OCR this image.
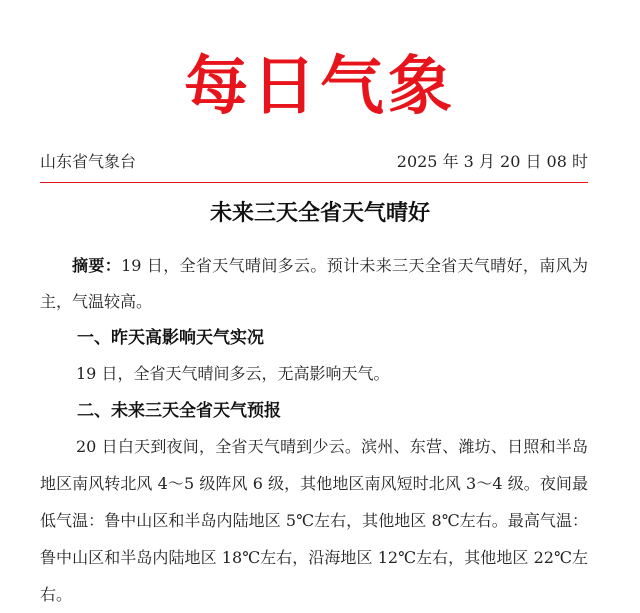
每日气象
山东省气象台	2025 年 3 月 20 日 08 时
未来三天全省天气晴好

摘要：19 日，全省天气晴间多云。预计未来三天全省天气晴好，南风为主，气温较高。

一、昨天高影响天气实况

19 日，全省天气晴间多云，无高影响天气。

二、未来三天全省天气预报

20 日白天到夜间，全省天气晴到少云。滨州、东营、潍坊、日照和半岛地区南风转北风 4～5 级阵风 6 级，其他地区南风短时北风 3～4 级。夜间最低气温：鲁中山区和半岛内陆地区 5℃左右，其他地区 8℃左右。最高气温：鲁中山区和半岛内陆地区 18℃左右，沿海地区 12℃左右，其他地区 22℃左右。
